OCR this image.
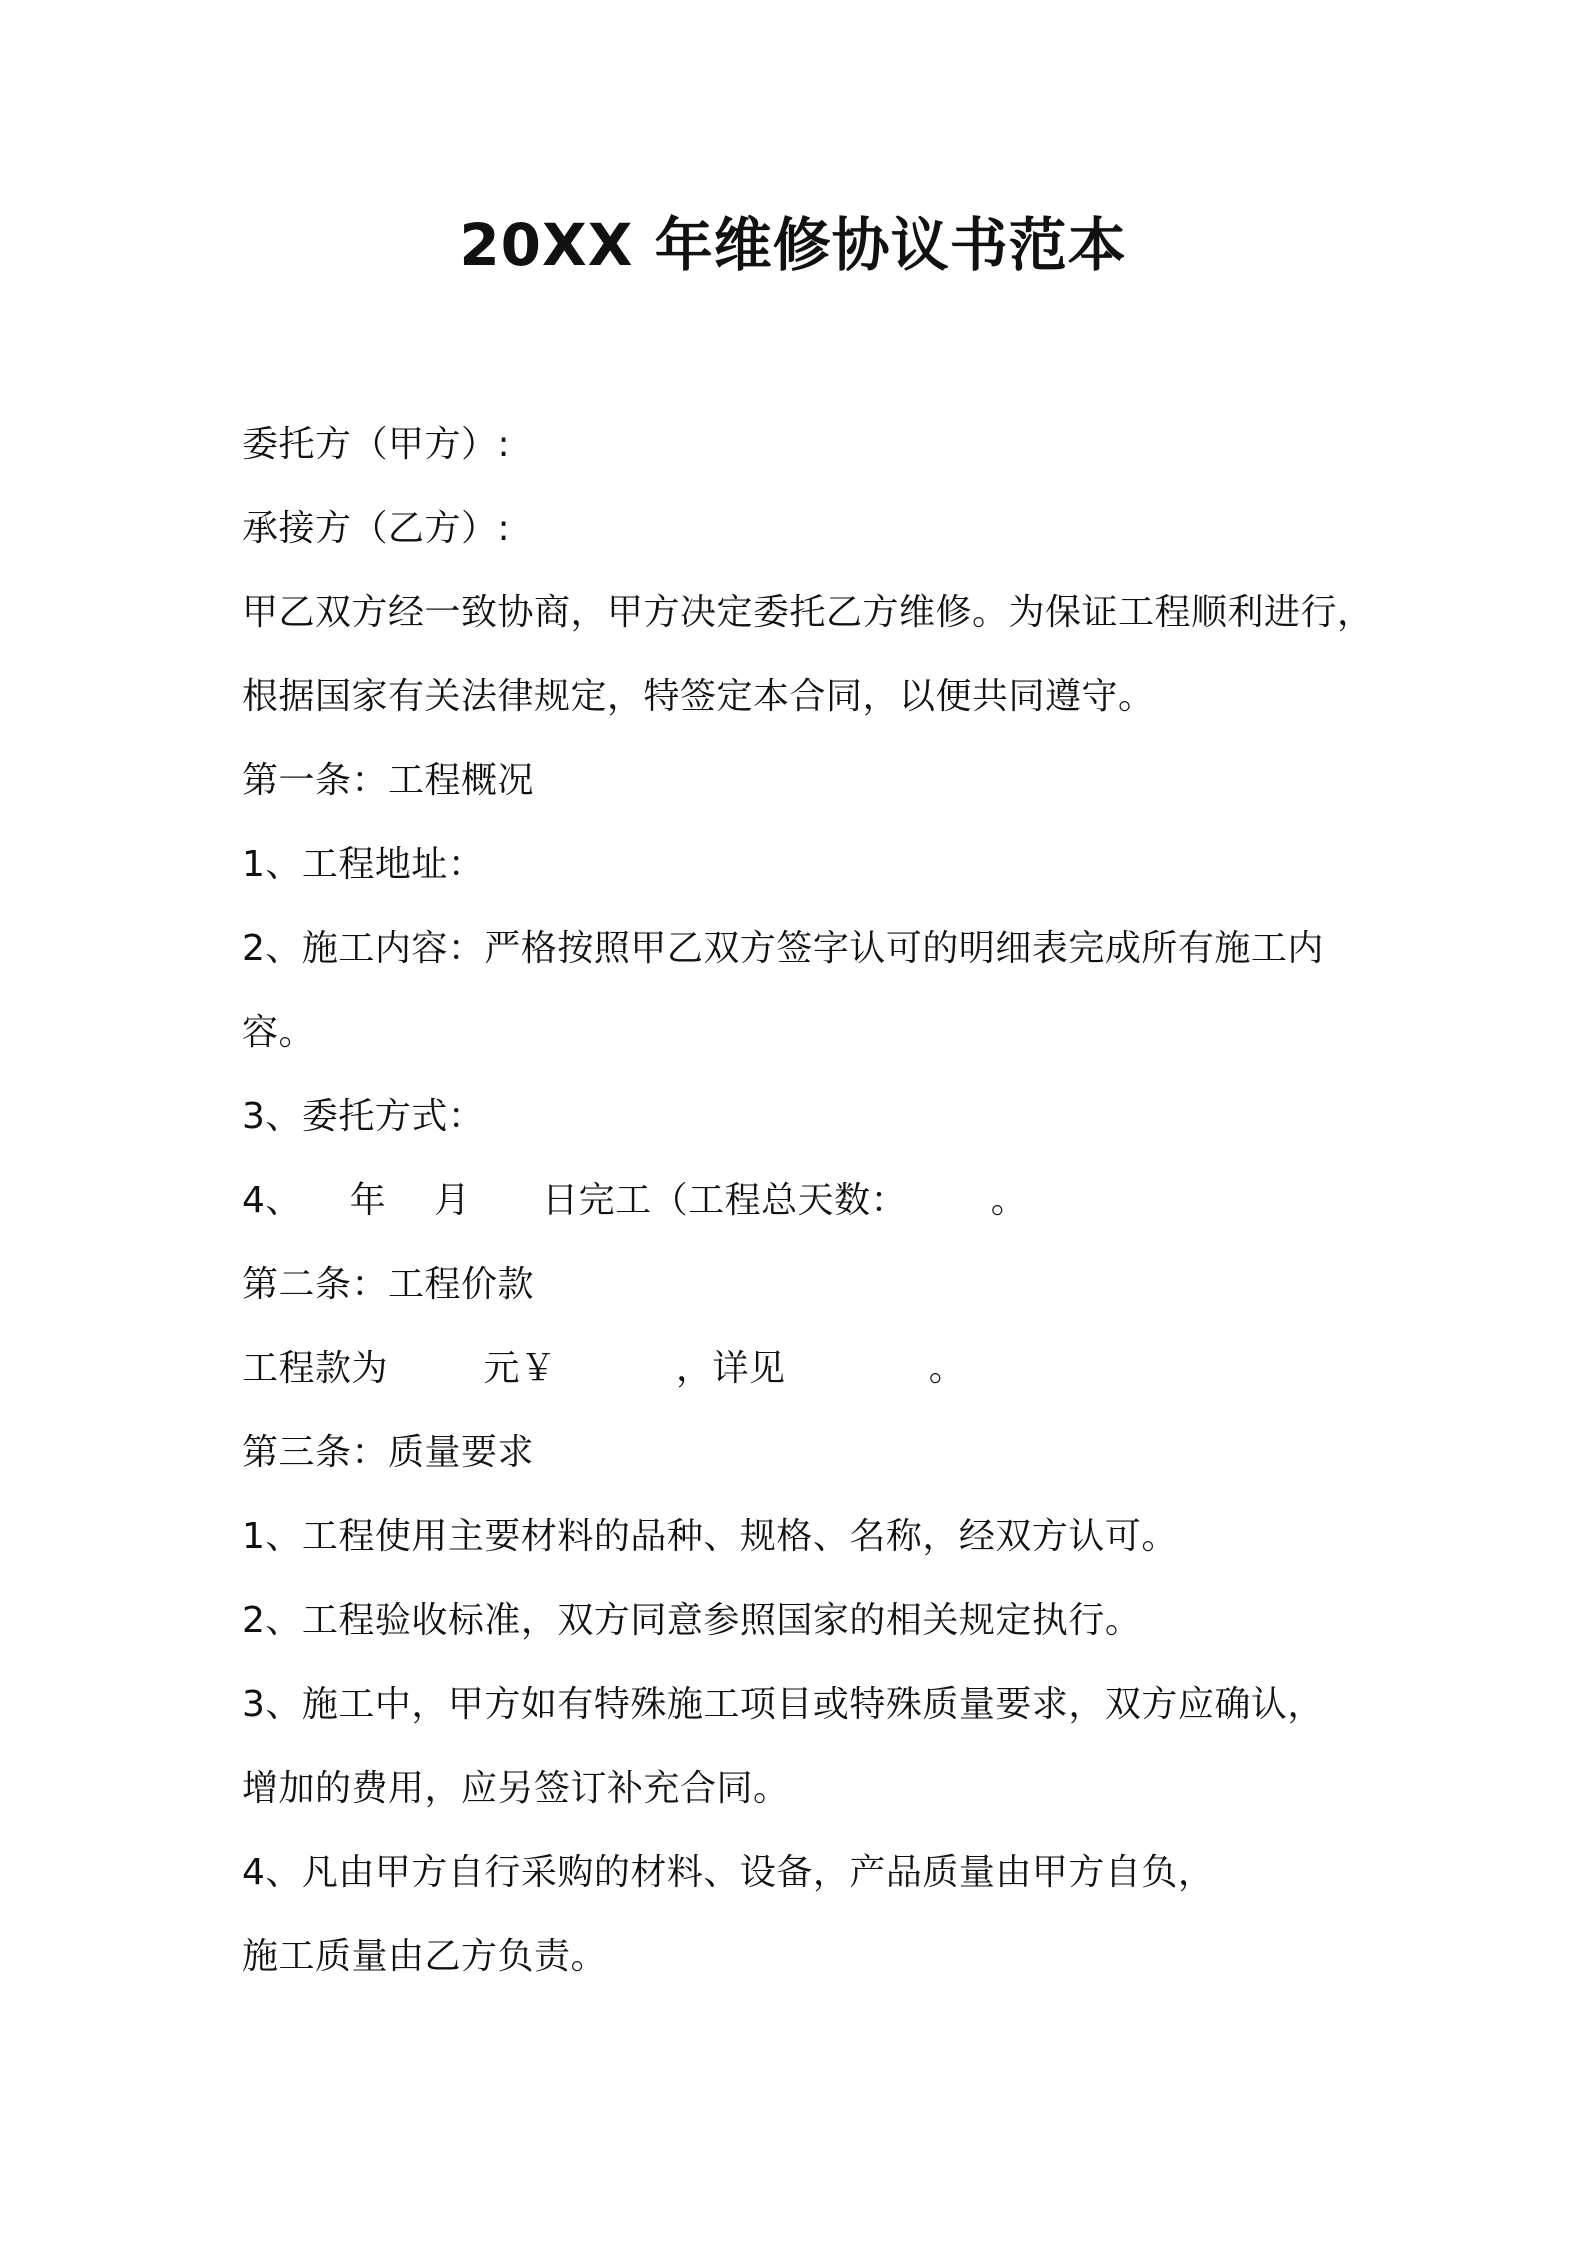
20XX 年维修协议书范本
委托方（甲方）:
承接方（乙方）:
甲乙双方经一致协商，甲方决定委托乙方维修。为保证工程顺利进行，
根据国家有关法律规定，特签定本合同，以便共同遵守。
第一条：工程概况
1、工程地址：
2、施工内容：严格按照甲乙双方签字认可的明细表完成所有施工内
容。
3、委托方式：
4、    年    月      日完工（工程总天数：       。
第二条：工程价款
工程款为        元￥          ，详见            。
第三条：质量要求
1、工程使用主要材料的品种、规格、名称，经双方认可。
2、工程验收标准，双方同意参照国家的相关规定执行。
3、施工中，甲方如有特殊施工项目或特殊质量要求，双方应确认，
增加的费用，应另签订补充合同。
4、凡由甲方自行采购的材料、设备，产品质量由甲方自负，
施工质量由乙方负责。
